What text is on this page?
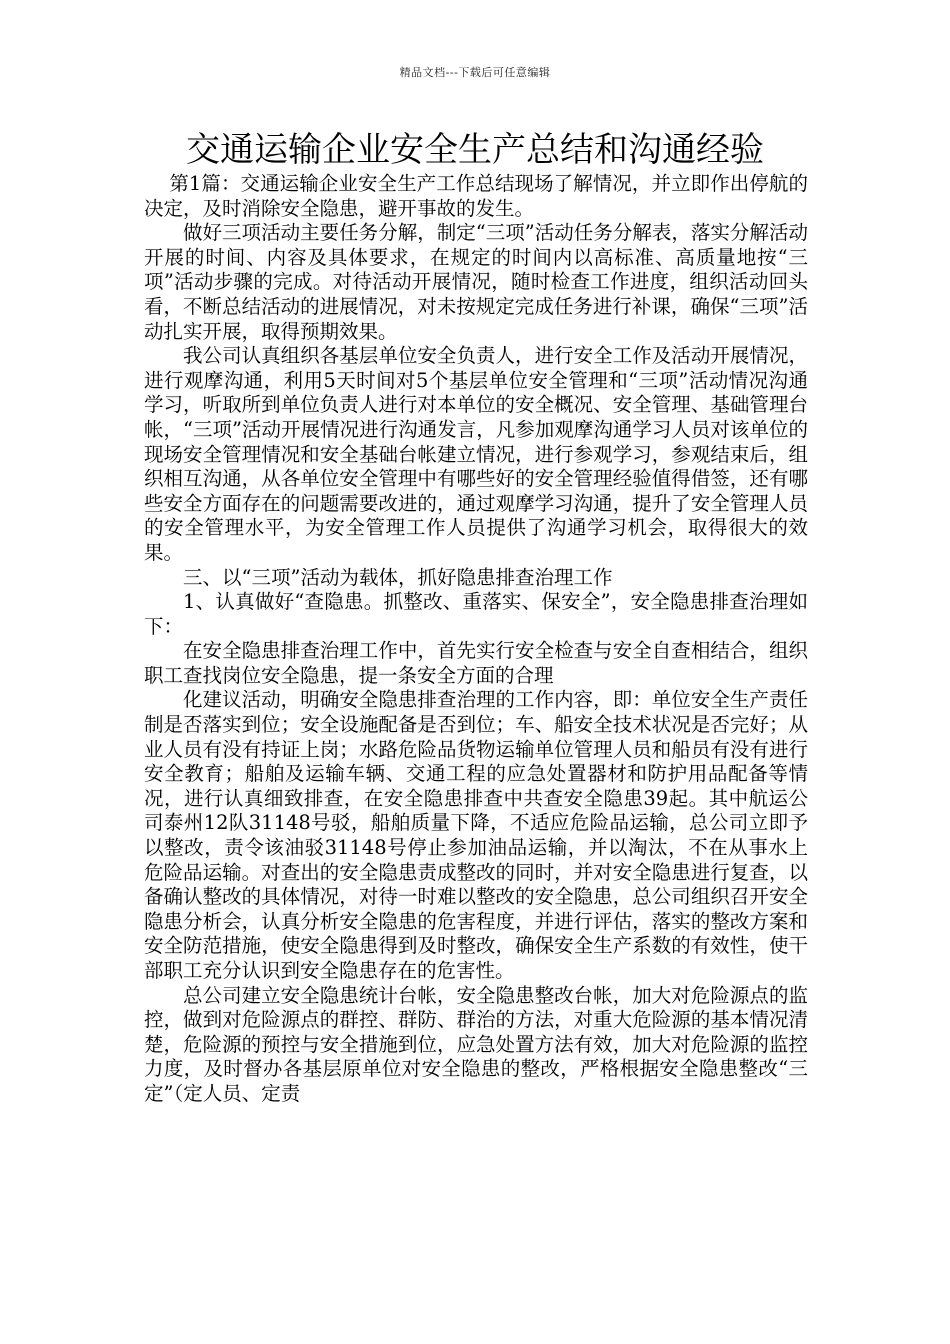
精品文档---下载后可任意编辑
交通运输企业安全生产总结和沟通经验

第1篇：交通运输企业安全生产工作总结现场了解情况，并立即作出停航的决定，及时消除安全隐患，避开事故的发生。

做好三项活动主要任务分解，制定“三项”活动任务分解表，落实分解活动开展的时间、内容及具体要求，在规定的时间内以高标准、高质量地按“三项”活动步骤的完成。对待活动开展情况，随时检查工作进度，组织活动回头看，不断总结活动的进展情况，对未按规定完成任务进行补课，确保“三项”活动扎实开展，取得预期效果。

我公司认真组织各基层单位安全负责人，进行安全工作及活动开展情况，进行观摩沟通，利用5天时间对5个基层单位安全管理和“三项”活动情况沟通学习，听取所到单位负责人进行对本单位的安全概况、安全管理、基础管理台帐，“三项”活动开展情况进行沟通发言，凡参加观摩沟通学习人员对该单位的现场安全管理情况和安全基础台帐建立情况，进行参观学习，参观结束后，组织相互沟通，从各单位安全管理中有哪些好的安全管理经验值得借签，还有哪些安全方面存在的问题需要改进的，通过观摩学习沟通，提升了安全管理人员的安全管理水平，为安全管理工作人员提供了沟通学习机会，取得很大的效果。

三、以“三项”活动为载体，抓好隐患排查治理工作

1、认真做好“查隐患。抓整改、重落实、保安全”，安全隐患排查治理如下：

在安全隐患排查治理工作中，首先实行安全检查与安全自查相结合，组织职工查找岗位安全隐患，提一条安全方面的合理

化建议活动，明确安全隐患排查治理的工作内容，即：单位安全生产责任制是否落实到位；安全设施配备是否到位；车、船安全技术状况是否完好；从业人员有没有持证上岗；水路危险品货物运输单位管理人员和船员有没有进行安全教育；船舶及运输车辆、交通工程的应急处置器材和防护用品配备等情况，进行认真细致排查，在安全隐患排查中共查安全隐患39起。其中航运公司泰州12队31148号驳，船舶质量下降，不适应危险品运输，总公司立即予以整改，责令该油驳31148号停止参加油品运输，并以淘汰，不在从事水上危险品运输。对查出的安全隐患责成整改的同时，并对安全隐患进行复查，以备确认整改的具体情况，对待一时难以整改的安全隐患，总公司组织召开安全隐患分析会，认真分析安全隐患的危害程度，并进行评估，落实的整改方案和安全防范措施，使安全隐患得到及时整改，确保安全生产系数的有效性，使干部职工充分认识到安全隐患存在的危害性。

总公司建立安全隐患统计台帐，安全隐患整改台帐，加大对危险源点的监控，做到对危险源点的群控、群防、群治的方法，对重大危险源的基本情况清楚，危险源的预控与安全措施到位，应急处置方法有效，加大对危险源的监控力度，及时督办各基层原单位对安全隐患的整改，严格根据安全隐患整改“三定”（定人员、定责
